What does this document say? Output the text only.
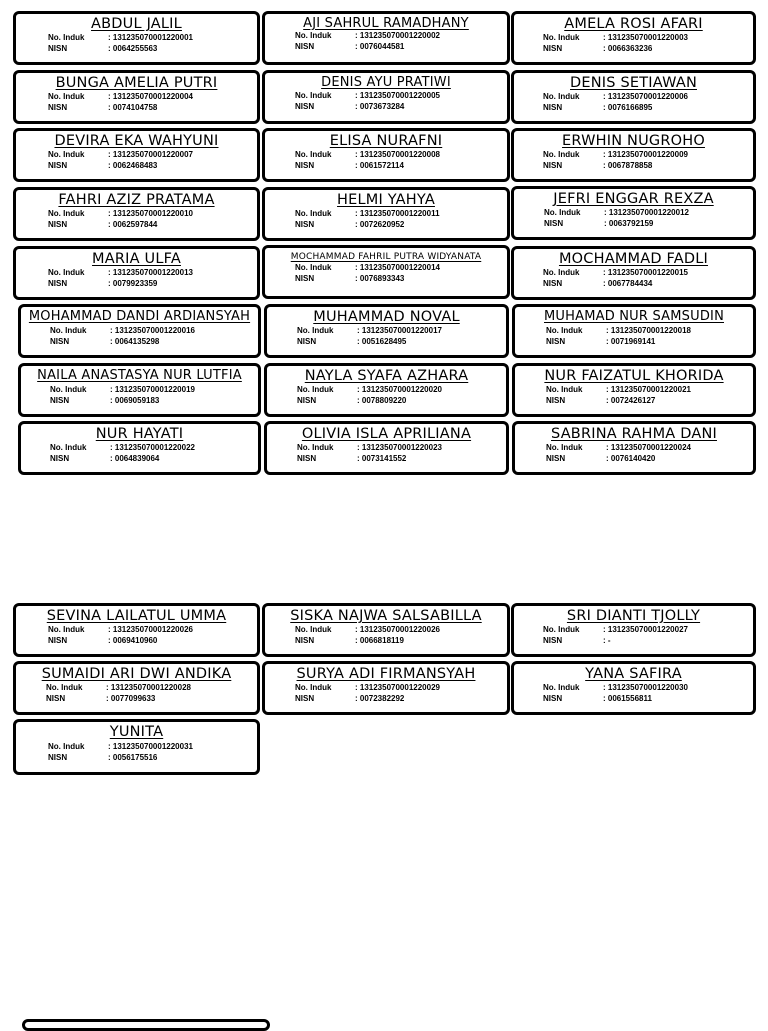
ABDUL JALIL
No. Induk	: 131235070001220001
NISN	: 0064255563
AJI SAHRUL RAMADHANY
No. Induk	: 131235070001220002
NISN	: 0076044581
AMELA ROSI AFARI
No. Induk	: 131235070001220003
NISN	: 0066363236
BUNGA AMELIA PUTRI
No. Induk	: 131235070001220004
NISN	: 0074104758
DENIS AYU PRATIWI
No. Induk	: 131235070001220005
NISN	: 0073673284
DENIS SETIAWAN
No. Induk	: 131235070001220006
NISN	: 0076166895
DEVIRA EKA WAHYUNI
No. Induk	: 131235070001220007
NISN	: 0062468483
ELISA NURAFNI
No. Induk	: 131235070001220008
NISN	: 0061572114
ERWHIN NUGROHO
No. Induk	: 131235070001220009
NISN	: 0067878858
FAHRI AZIZ PRATAMA
No. Induk	: 131235070001220010
NISN	: 0062597844
HELMI YAHYA
No. Induk	: 131235070001220011
NISN	: 0072620952
JEFRI ENGGAR REXZA
No. Induk	: 131235070001220012
NISN	: 0063792159
MARIA ULFA
No. Induk	: 131235070001220013
NISN	: 0079923359
MOCHAMMAD FAHRIL PUTRA WIDYANATA
No. Induk	: 131235070001220014
NISN	: 0076893343
MOCHAMMAD FADLI
No. Induk	: 131235070001220015
NISN	: 0067784434
MOHAMMAD DANDI ARDIANSYAH
No. Induk	: 131235070001220016
NISN	: 0064135298
MUHAMMAD NOVAL
No. Induk	: 131235070001220017
NISN	: 0051628495
MUHAMAD NUR SAMSUDIN
No. Induk	: 131235070001220018
NISN	: 0071969141
NAILA ANASTASYA NUR LUTFIA
No. Induk	: 131235070001220019
NISN	: 0069059183
NAYLA SYAFA AZHARA
No. Induk	: 131235070001220020
NISN	: 0078809220
NUR FAIZATUL KHORIDA
No. Induk	: 131235070001220021
NISN	: 0072426127
NUR HAYATI
No. Induk	: 131235070001220022
NISN	: 0064839064
OLIVIA ISLA APRILIANA
No. Induk	: 131235070001220023
NISN	: 0073141552
SABRINA RAHMA DANI
No. Induk	: 131235070001220024
NISN	: 0076140420
SEVINA LAILATUL UMMA
No. Induk	: 131235070001220026
NISN	: 0069410960
SISKA NAJWA SALSABILLA
No. Induk	: 131235070001220026
NISN	: 0066818119
SRI DIANTI TJOLLY
No. Induk	: 131235070001220027
NISN	: -
SUMAIDI ARI DWI ANDIKA
No. Induk	: 131235070001220028
NISN	: 0077099633
SURYA ADI FIRMANSYAH
No. Induk	: 131235070001220029
NISN	: 0072382292
YANA SAFIRA
No. Induk	: 131235070001220030
NISN	: 0061556811
YUNITA
No. Induk	: 131235070001220031
NISN	: 0056175516
